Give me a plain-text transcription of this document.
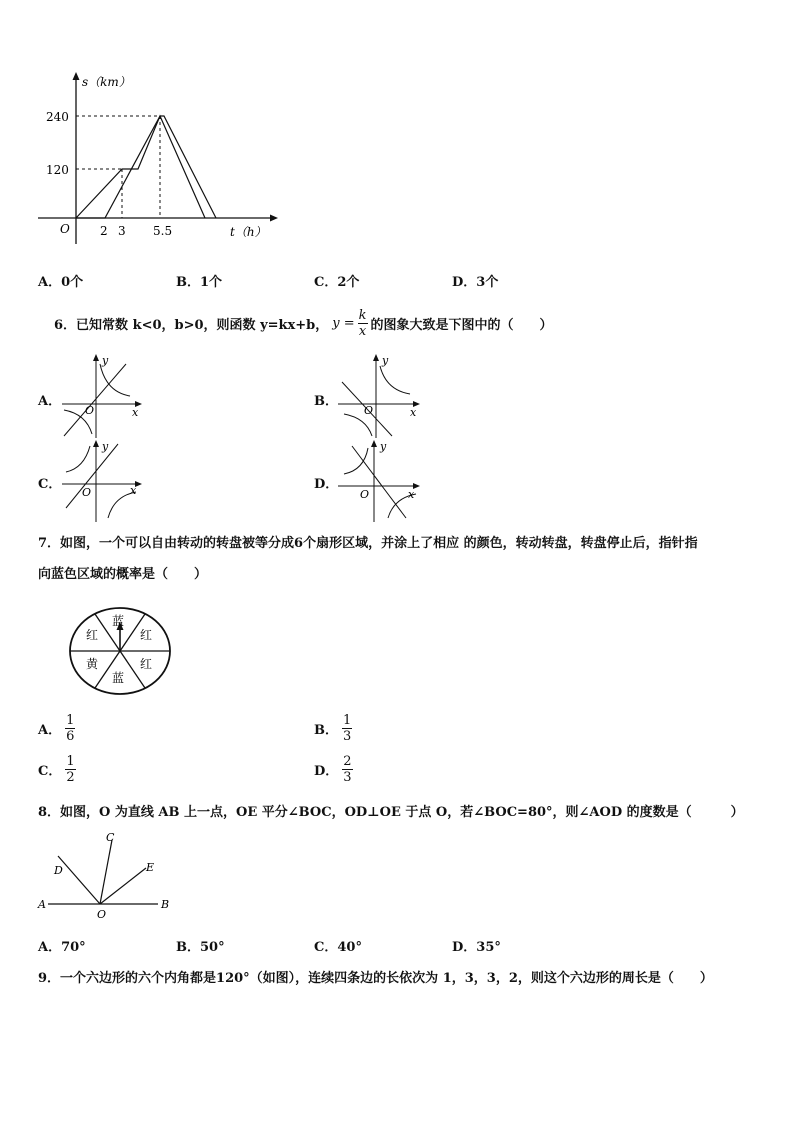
s（km）
240
120
O	2 3 5.5	t（h）
A．0个	B．1个	C．2个	D．3个
6．已知常数 k<0，b>0，则函数 y=kx+b， $y = \frac{k}{x}$ 的图象大致是下图中的（　　）
A．	B．
C．	D．
y
O	x
y
O	x
y
O	x
y
O	x
7．如图，一个可以自由转动的转盘被等分成6个扇形区域，并涂上了相应 的颜色，转动转盘，转盘停止后，指针指
向蓝色区域的概率是（　　）
蓝
红
红
蓝
黄
红
A． $\frac{1}{6}$	B． $\frac{1}{3}$
C． $\frac{1}{2}$	D． $\frac{2}{3}$
8．如图，O 为直线 AB 上一点，OE 平分∠BOC，OD⊥OE 于点 O，若∠BOC=80°，则∠AOD 的度数是（　　　）
A	B
C
D	E
O
A．70°	B．50°	C．40°	D．35°
9．一个六边形的六个内角都是120°（如图），连续四条边的长依次为 1，3，3，2，则这个六边形的周长是（　　）
